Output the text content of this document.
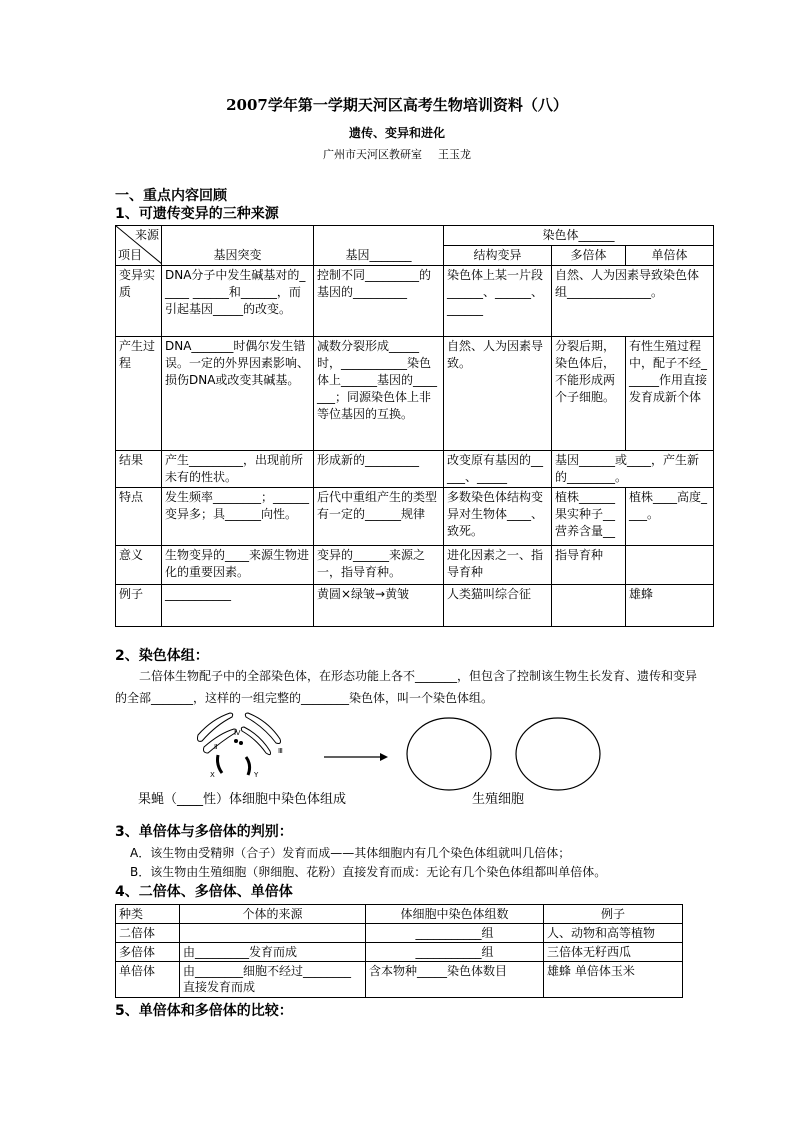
2007学年第一学期天河区高考生物培训资料（八）
遗传、变异和进化
广州市天河区教研室 王玉龙
一、重点内容回顾
1、可遗传变异的三种来源
来源
项目	基因突变	基因_______	染色体______		
			结构变异	多倍体	单倍体
变异实质	DNA分子中发生碱基对的_____ ______和______，而引起基因_____的改变。	控制不同_________的基因的_________	染色体上某一片段______、______、______	自然、人为因素导致染色体组______________。	
产生过程	DNA_______时偶尔发生错误。一定的外界因素影响、损伤DNA或改变其碱基。	减数分裂形成_____时，___________染色体上______基因的_______；同源染色体上非等位基因的互换。	自然、人为因素导致。	分裂后期，染色体后，不能形成两个子细胞。	有性生殖过程中，配子不经______作用直接发育成新个体
结果	产生_________，出现前所未有的性状。	形成新的_________	改变原有基因的_____、_____	基因______或____，产生新的________。	
特点	发生频率________；______变异多；具______向性。	后代中重组产生的类型有一定的______规律	多数染色体结构变异对生物体____、致死。	植株______果实种子__营养含量__	植株____高度____。
意义	生物变异的____来源生物进化的重要因素。	变异的______来源之一，指导育种。	进化因素之一、指导育种	指导育种	
例子	___________	黄圆×绿皱→黄皱	人类猫叫综合征		雄蜂
2、染色体组：
二倍体生物配子中的全部染色体，在形态功能上各不_______，但包含了控制该生物生长发育、遗传和变异的全部_______，这样的一组完整的________染色体，叫一个染色体组。
Ⅱ	Ⅲ
Ⅳ
X	Y
果蝇（____性）体细胞中染色体组成	生殖细胞
3、单倍体与多倍体的判别：
A．该生物由受精卵（合子）发育而成——其体细胞内有几个染色体组就叫几倍体；
B．该生物由生殖细胞（卵细胞、花粉）直接发育而成：无论有几个染色体组都叫单倍体。
4、二倍体、多倍体、单倍体
种类	个体的来源	体细胞中染色体组数	例子
二倍体		___________组	人、动物和高等植物
多倍体	由_________发育而成	___________组	三倍体无籽西瓜
单倍体	由________细胞不经过________直接发育而成	含本物种_____染色体数目	雄蜂 单倍体玉米
5、单倍体和多倍体的比较：
